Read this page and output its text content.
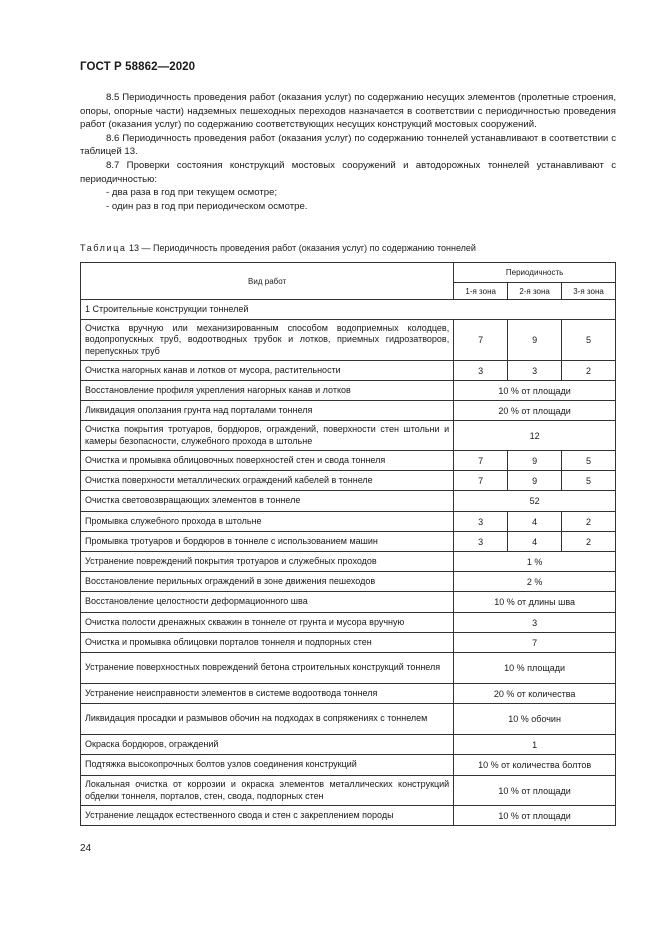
ГОСТ Р 58862—2020

8.5 Периодичность проведения работ (оказания услуг) по содержанию несущих элементов (пролетные строения, опоры, опорные части) надземных пешеходных переходов назначается в соответствии с периодичностью проведения работ (оказания услуг) по содержанию соответствующих несущих конструкций мостовых сооружений.

8.6 Периодичность проведения работ (оказания услуг) по содержанию тоннелей устанавливают в соответствии с таблицей 13.

8.7 Проверки состояния конструкций мостовых сооружений и автодорожных тоннелей устанавливают с периодичностью:

- два раза в год при текущем осмотре;

- один раз в год при периодическом осмотре.

Таблица 13 — Периодичность проведения работ (оказания услуг) по содержанию тоннелей
Вид работ	Периодичность		
	1-я зона	2-я зона	3-я зона
1 Строительные конструкции тоннелей			
Очистка вручную или механизированным способом водоприемных колодцев, водопропускных труб, водоотводных трубок и лотков, приемных гидрозатворов, перепускных труб	7	9	5
Очистка нагорных канав и лотков от мусора, растительности	3	3	2
Восстановление профиля укрепления нагорных канав и лотков	10 % от площади		
Ликвидация оползания грунта над порталами тоннеля	20 % от площади		
Очистка покрытия тротуаров, бордюров, ограждений, поверхности стен штольни и камеры безопасности, служебного прохода в штольне	12		
Очистка и промывка облицовочных поверхностей стен и свода тоннеля	7	9	5
Очистка поверхности металлических ограждений кабелей в тоннеле	7	9	5
Очистка световозвращающих элементов в тоннеле	52		
Промывка служебного прохода в штольне	3	4	2
Промывка тротуаров и бордюров в тоннеле с использованием машин	3	4	2
Устранение повреждений покрытия тротуаров и служебных проходов	1 %		
Восстановление перильных ограждений в зоне движения пешеходов	2 %		
Восстановление целостности деформационного шва	10 % от длины шва		
Очистка полости дренажных скважин в тоннеле от грунта и мусора вручную	3		
Очистка и промывка облицовки порталов тоннеля и подпорных стен	7		
Устранение поверхностных повреждений бетона строительных конструкций тоннеля	10 % площади		
Устранение неисправности элементов в системе водоотвода тоннеля	20 % от количества		
Ликвидация просадки и размывов обочин на подходах в сопряжениях с тоннелем	10 % обочин		
Окраска бордюров, ограждений	1		
Подтяжка высокопрочных болтов узлов соединения конструкций	10 % от количества болтов		
Локальная очистка от коррозии и окраска элементов металлических конструкций обделки тоннеля, порталов, стен, свода, подпорных стен	10 % от площади		
Устранение лещадок естественного свода и стен с закреплением породы	10 % от площади		
24
